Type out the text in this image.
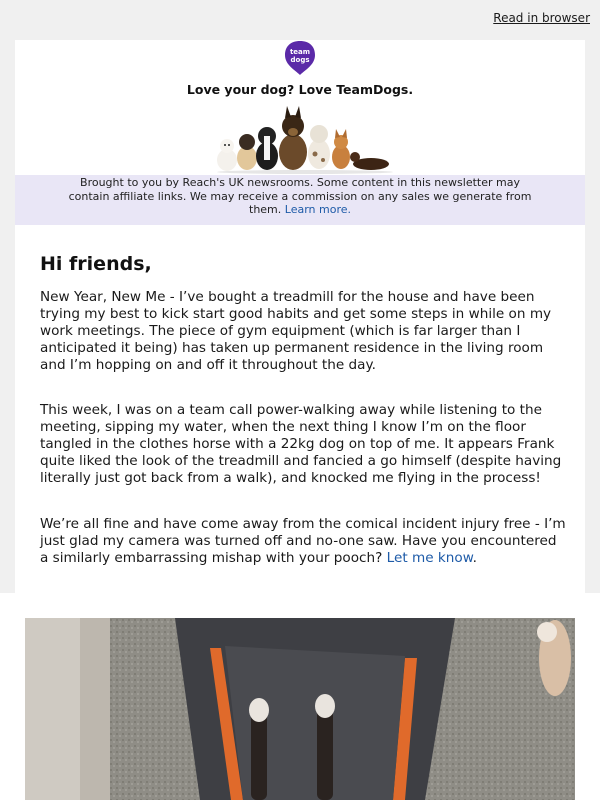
Read in browser
team
dogs
Love your dog? Love TeamDogs.
Brought to you by Reach's UK newsrooms. Some content in this newsletter may
contain affiliate links. We may receive a commission on any sales we generate from
them. Learn more.
Hi friends,

New Year, New Me - I’ve bought a treadmill for the house and have been trying my best to kick start good habits and get some steps in while on my work meetings. The piece of gym equipment (which is far larger than I anticipated it being) has taken up permanent residence in the living room and I’m hopping on and off it throughout the day.

This week, I was on a team call power-walking away while listening to the meeting, sipping my water, when the next thing I know I’m on the floor tangled in the clothes horse with a 22kg dog on top of me. It appears Frank quite liked the look of the treadmill and fancied a go himself (despite having literally just got back from a walk), and knocked me flying in the process!

We’re all fine and have come away from the comical incident injury free - I’m just glad my camera was turned off and no-one saw. Have you encountered a similarly embarrassing mishap with your pooch? Let me know.
